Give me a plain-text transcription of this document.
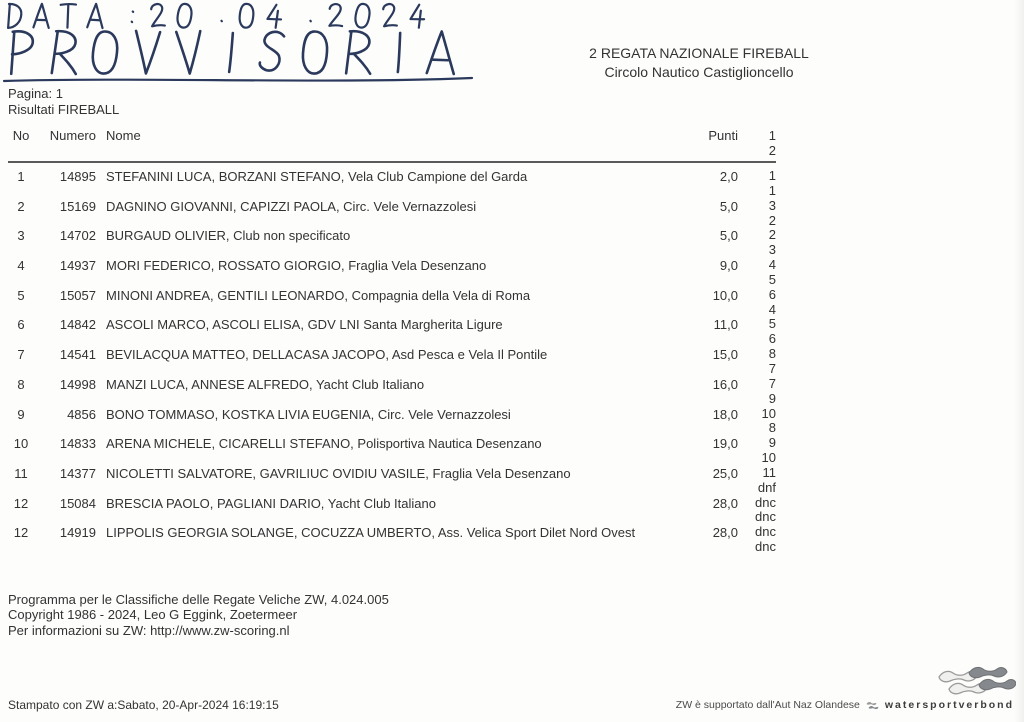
2 REGATA NAZIONALE FIREBALL
Circolo Nautico Castiglioncello
Pagina: 1
Risultati FIREBALL
No	Numero Nome	Punti	1
2
1	14895 STEFANINI LUCA, BORZANI STEFANO, Vela Club Campione del Garda	2,0	1
1
2	15169 DAGNINO GIOVANNI, CAPIZZI PAOLA, Circ. Vele Vernazzolesi	5,0	3
2
3	14702 BURGAUD OLIVIER, Club non specificato	5,0	2
3
4	14937 MORI FEDERICO, ROSSATO GIORGIO, Fraglia Vela Desenzano	9,0	4
5
5	15057 MINONI ANDREA, GENTILI LEONARDO, Compagnia della Vela di Roma	10,0	6
4
6	14842 ASCOLI MARCO, ASCOLI ELISA, GDV LNI Santa Margherita Ligure	11,0	5
6
7	14541 BEVILACQUA MATTEO, DELLACASA JACOPO, Asd Pesca e Vela Il Pontile	15,0	8
7
8	14998 MANZI LUCA, ANNESE ALFREDO, Yacht Club Italiano	16,0	7
9
9	4856 BONO TOMMASO, KOSTKA LIVIA EUGENIA, Circ. Vele Vernazzolesi	18,0	10
8
10	14833 ARENA MICHELE, CICARELLI STEFANO, Polisportiva Nautica Desenzano	19,0	9
10
11	14377 NICOLETTI SALVATORE, GAVRILIUC OVIDIU VASILE, Fraglia Vela Desenzano	25,0	11
dnf
12	15084 BRESCIA PAOLO, PAGLIANI DARIO, Yacht Club Italiano	28,0	dnc
dnc
12	14919 LIPPOLIS GEORGIA SOLANGE, COCUZZA UMBERTO, Ass. Velica Sport Dilet Nord Ovest	28,0	dnc
dnc
Programma per le Classifiche delle Regate Veliche ZW, 4.024.005
Copyright 1986 - 2024, Leo G Eggink, Zoetermeer
Per informazioni su ZW: http://www.zw-scoring.nl
Stampato con ZW a:Sabato, 20-Apr-2024 16:19:15	ZW è supportato dall'Aut Naz Olandese watersportverbond
